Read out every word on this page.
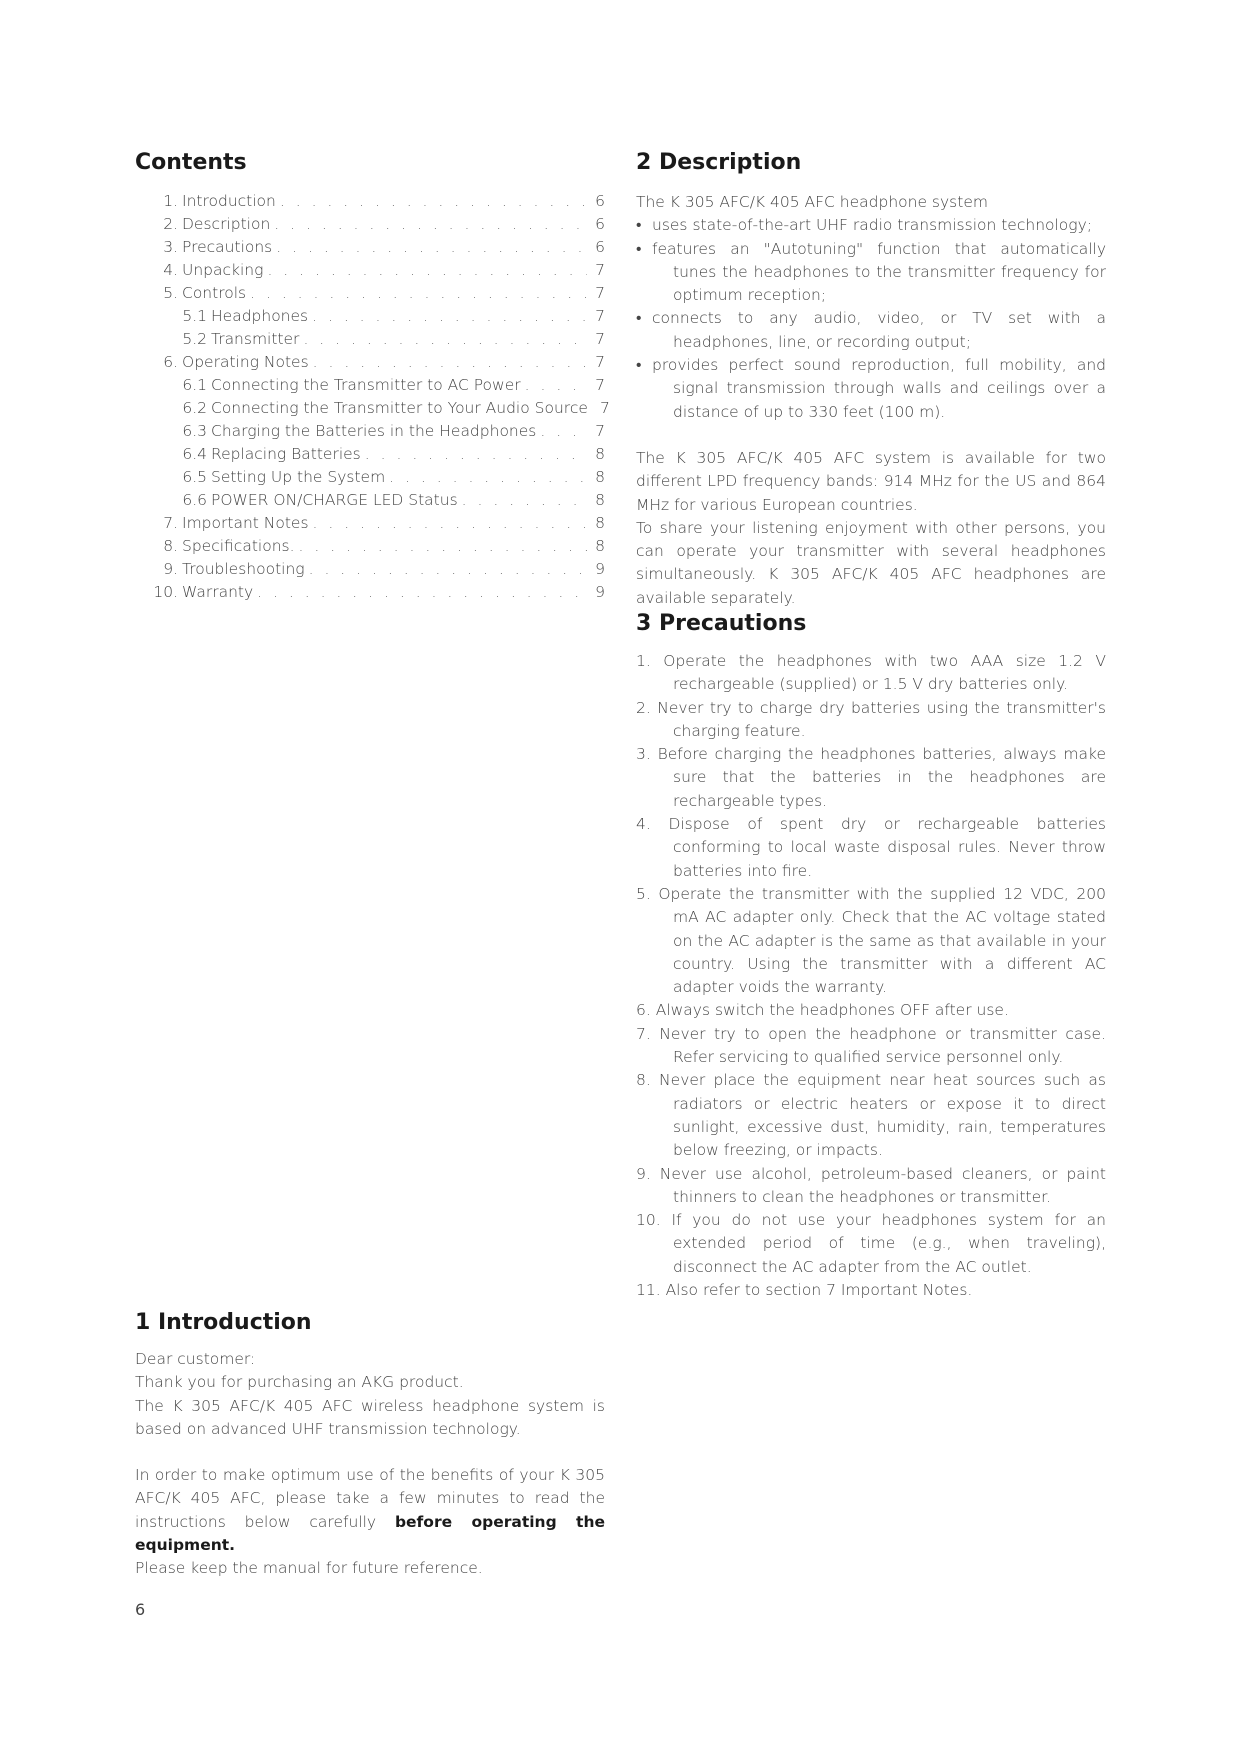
Contents
1. Introduction . . .	6
2. Description . . .	6
3. Precautions . . .	6
4. Unpacking . . .	7
5. Controls . . .	7
5.1 Headphones . . .	7
5.2 Transmitter . . .	7
6. Operating Notes . . .	7
6.1 Connecting the Transmitter to AC Power . . .	7
6.2 Connecting the Transmitter to Your Audio Source 7
6.3 Charging the Batteries in the Headphones . . .	7
6.4 Replacing Batteries . . .	8
6.5 Setting Up the System . . .	8
6.6 POWER ON/CHARGE LED Status . . .	8
7. Important Notes . . .	8
8. Specifications. . . .	8
9. Troubleshooting . . .	9
10. Warranty . . .	9
1 Introduction

Dear customer:

Thank you for purchasing an AKG product.

The K 305 AFC/K 405 AFC wireless headphone system is based on advanced UHF transmission technology.

In order to make optimum use of the benefits of your K 305 AFC/K 405 AFC, please take a few minutes to read the instructions below carefully before operating the equipment.

Please keep the manual for future reference.

6
2 Description

The K 305 AFC/K 405 AFC headphone system

• uses state-of-the-art UHF radio transmission technology;
• features an "Autotuning" function that automatically tunes the headphones to the transmitter frequency for optimum reception;
• connects to any audio, video, or TV set with a headphones, line, or recording output;
• provides perfect sound reproduction, full mobility, and signal transmission through walls and ceilings over a distance of up to 330 feet (100 m).

The K 305 AFC/K 405 AFC system is available for two different LPD frequency bands: 914 MHz for the US and 864 MHz for various European countries.

To share your listening enjoyment with other persons, you can operate your transmitter with several headphones simultaneously. K 305 AFC/K 405 AFC headphones are available separately.

3 Precautions
1. Operate the headphones with two AAA size 1.2 V rechargeable (supplied) or 1.5 V dry batteries only.
2. Never try to charge dry batteries using the transmitter's charging feature.
3. Before charging the headphones batteries, always make sure that the batteries in the headphones are rechargeable types.
4. Dispose of spent dry or rechargeable batteries conforming to local waste disposal rules. Never throw batteries into fire.
5. Operate the transmitter with the supplied 12 VDC, 200 mA AC adapter only. Check that the AC voltage stated on the AC adapter is the same as that available in your country. Using the transmitter with a different AC adapter voids the warranty.
6. Always switch the headphones OFF after use.
7. Never try to open the headphone or transmitter case. Refer servicing to qualified service personnel only.
8. Never place the equipment near heat sources such as radiators or electric heaters or expose it to direct sunlight, excessive dust, humidity, rain, temperatures below freezing, or impacts.
9. Never use alcohol, petroleum-based cleaners, or paint thinners to clean the headphones or transmitter.
10. If you do not use your headphones system for an extended period of time (e.g., when traveling), disconnect the AC adapter from the AC outlet.
11. Also refer to section 7 Important Notes.
